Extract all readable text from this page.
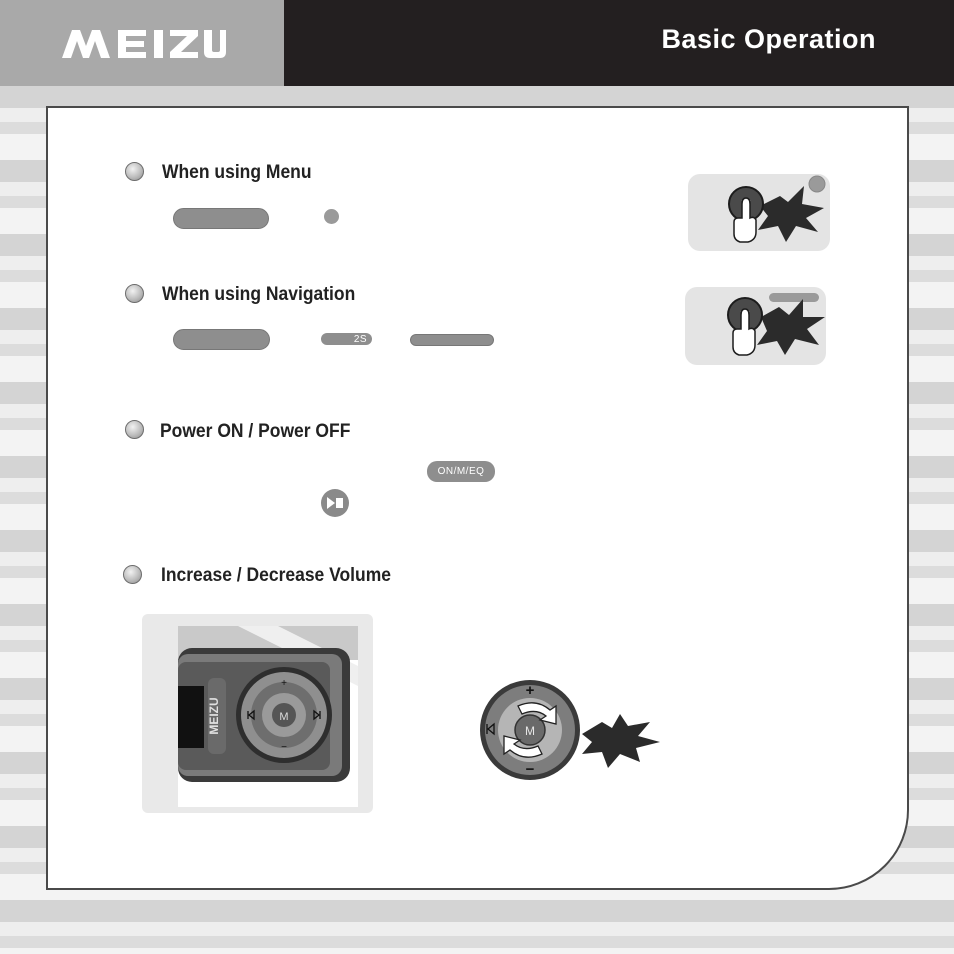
Basic Operation
When using Menu
When using Navigation
2S
Power ON / Power OFF
ON/M/EQ
Increase / Decrease Volume
MEIZU	M
+
−
M
+
−
